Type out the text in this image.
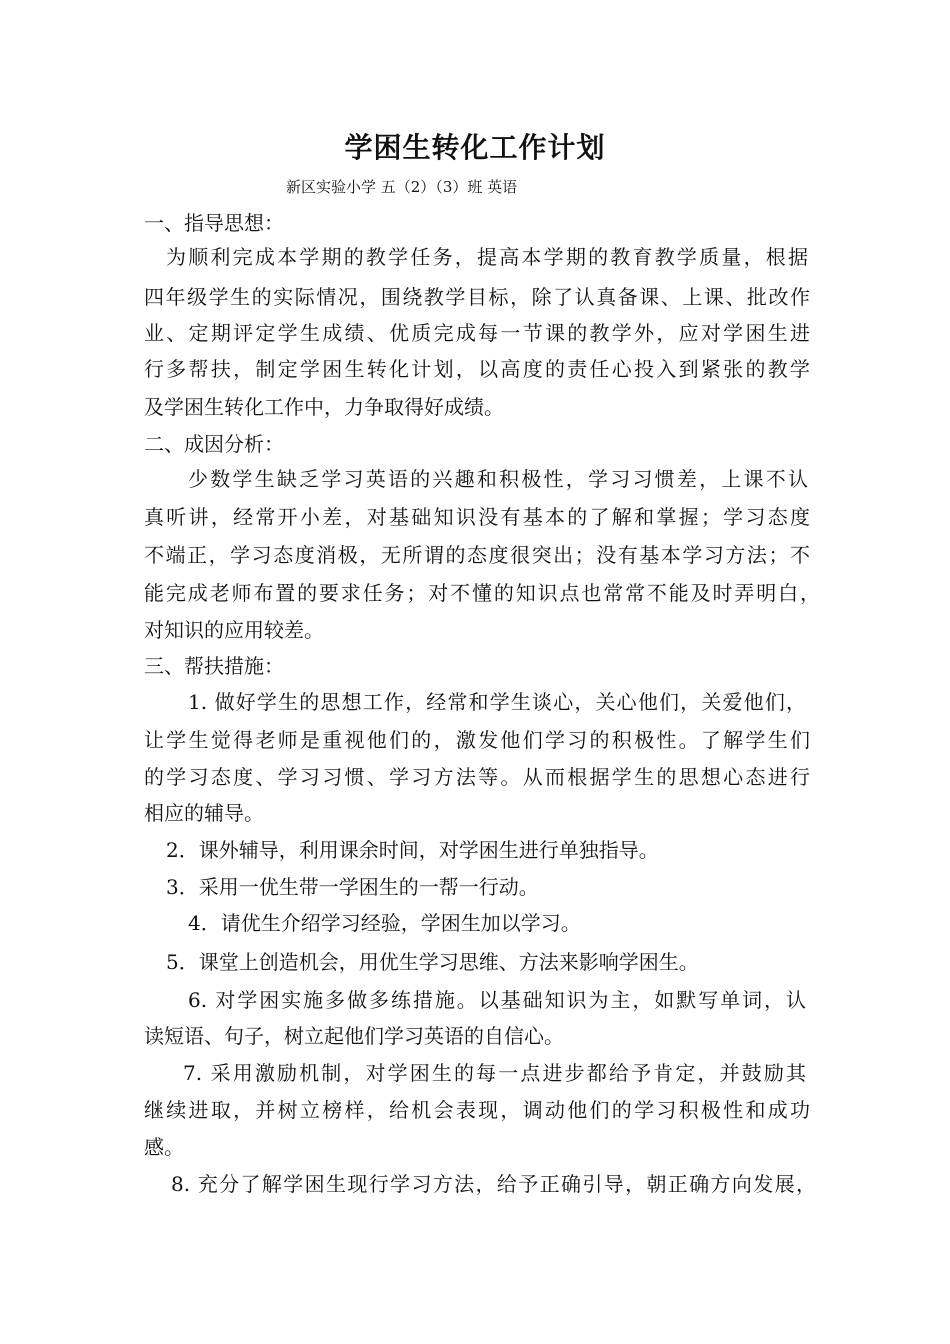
学困生转化工作计划
新区实验小学 五（2）（3）班 英语
一、指导思想：
为顺利完成本学期的教学任务，提高本学期的教育教学质量，根据
四年级学生的实际情况，围绕教学目标，除了认真备课、上课、批改作
业、定期评定学生成绩、优质完成每一节课的教学外，应对学困生进
行多帮扶，制定学困生转化计划，以高度的责任心投入到紧张的教学
及学困生转化工作中，力争取得好成绩。
二、成因分析：
少数学生缺乏学习英语的兴趣和积极性，学习习惯差，上课不认
真听讲，经常开小差，对基础知识没有基本的了解和掌握；学习态度
不端正，学习态度消极，无所谓的态度很突出；没有基本学习方法；不
能完成老师布置的要求任务；对不懂的知识点也常常不能及时弄明白，
对知识的应用较差。
三、帮扶措施：
1. 做好学生的思想工作，经常和学生谈心，关心他们，关爱他们，
让学生觉得老师是重视他们的，激发他们学习的积极性。了解学生们
的学习态度、学习习惯、学习方法等。从而根据学生的思想心态进行
相应的辅导。
2．课外辅导，利用课余时间，对学困生进行单独指导。
3．采用一优生带一学困生的一帮一行动。
4．请优生介绍学习经验，学困生加以学习。
5．课堂上创造机会，用优生学习思维、方法来影响学困生。
6. 对学困实施多做多练措施。以基础知识为主，如默写单词，认
读短语、句子，树立起他们学习英语的自信心。
7. 采用激励机制，对学困生的每一点进步都给予肯定，并鼓励其
继续进取，并树立榜样，给机会表现，调动他们的学习积极性和成功
感。
8. 充分了解学困生现行学习方法，给予正确引导，朝正确方向发展，
